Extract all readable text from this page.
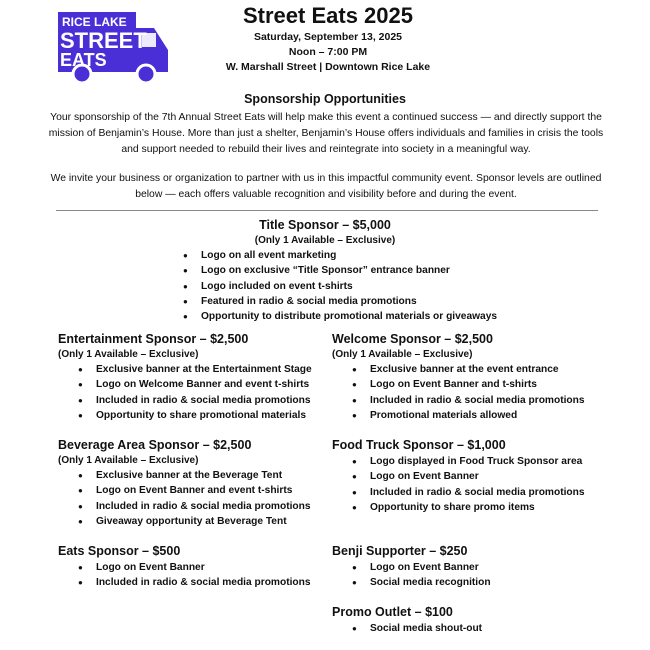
RICE LAKE
STREET
EATS
Street Eats 2025
Saturday, September 13, 2025
Noon – 7:00 PM
W. Marshall Street | Downtown Rice Lake
Sponsorship Opportunities
Your sponsorship of the 7th Annual Street Eats will help make this event a continued success — and directly support the mission of Benjamin’s House. More than just a shelter, Benjamin’s House offers individuals and families in crisis the tools and support needed to rebuild their lives and reintegrate into society in a meaningful way.
We invite your business or organization to partner with us in this impactful community event. Sponsor levels are outlined below — each offers valuable recognition and visibility before and during the event.
Title Sponsor – $5,000
(Only 1 Available – Exclusive)
● Logo on all event marketing
● Logo on exclusive “Title Sponsor” entrance banner
● Logo included on event t-shirts
● Featured in radio & social media promotions
● Opportunity to distribute promotional materials or giveaways
Entertainment Sponsor – $2,500
(Only 1 Available – Exclusive)
● Exclusive banner at the Entertainment Stage
● Logo on Welcome Banner and event t-shirts
● Included in radio & social media promotions
● Opportunity to share promotional materials
Beverage Area Sponsor – $2,500
(Only 1 Available – Exclusive)
● Exclusive banner at the Beverage Tent
● Logo on Event Banner and event t-shirts
● Included in radio & social media promotions
● Giveaway opportunity at Beverage Tent
Eats Sponsor – $500
● Logo on Event Banner
● Included in radio & social media promotions
Welcome Sponsor – $2,500
(Only 1 Available – Exclusive)
● Exclusive banner at the event entrance
● Logo on Event Banner and t-shirts
● Included in radio & social media promotions
● Promotional materials allowed
Food Truck Sponsor – $1,000
● Logo displayed in Food Truck Sponsor area
● Logo on Event Banner
● Included in radio & social media promotions
● Opportunity to share promo items
Benji Supporter – $250
● Logo on Event Banner
● Social media recognition
Promo Outlet – $100
● Social media shout-out
